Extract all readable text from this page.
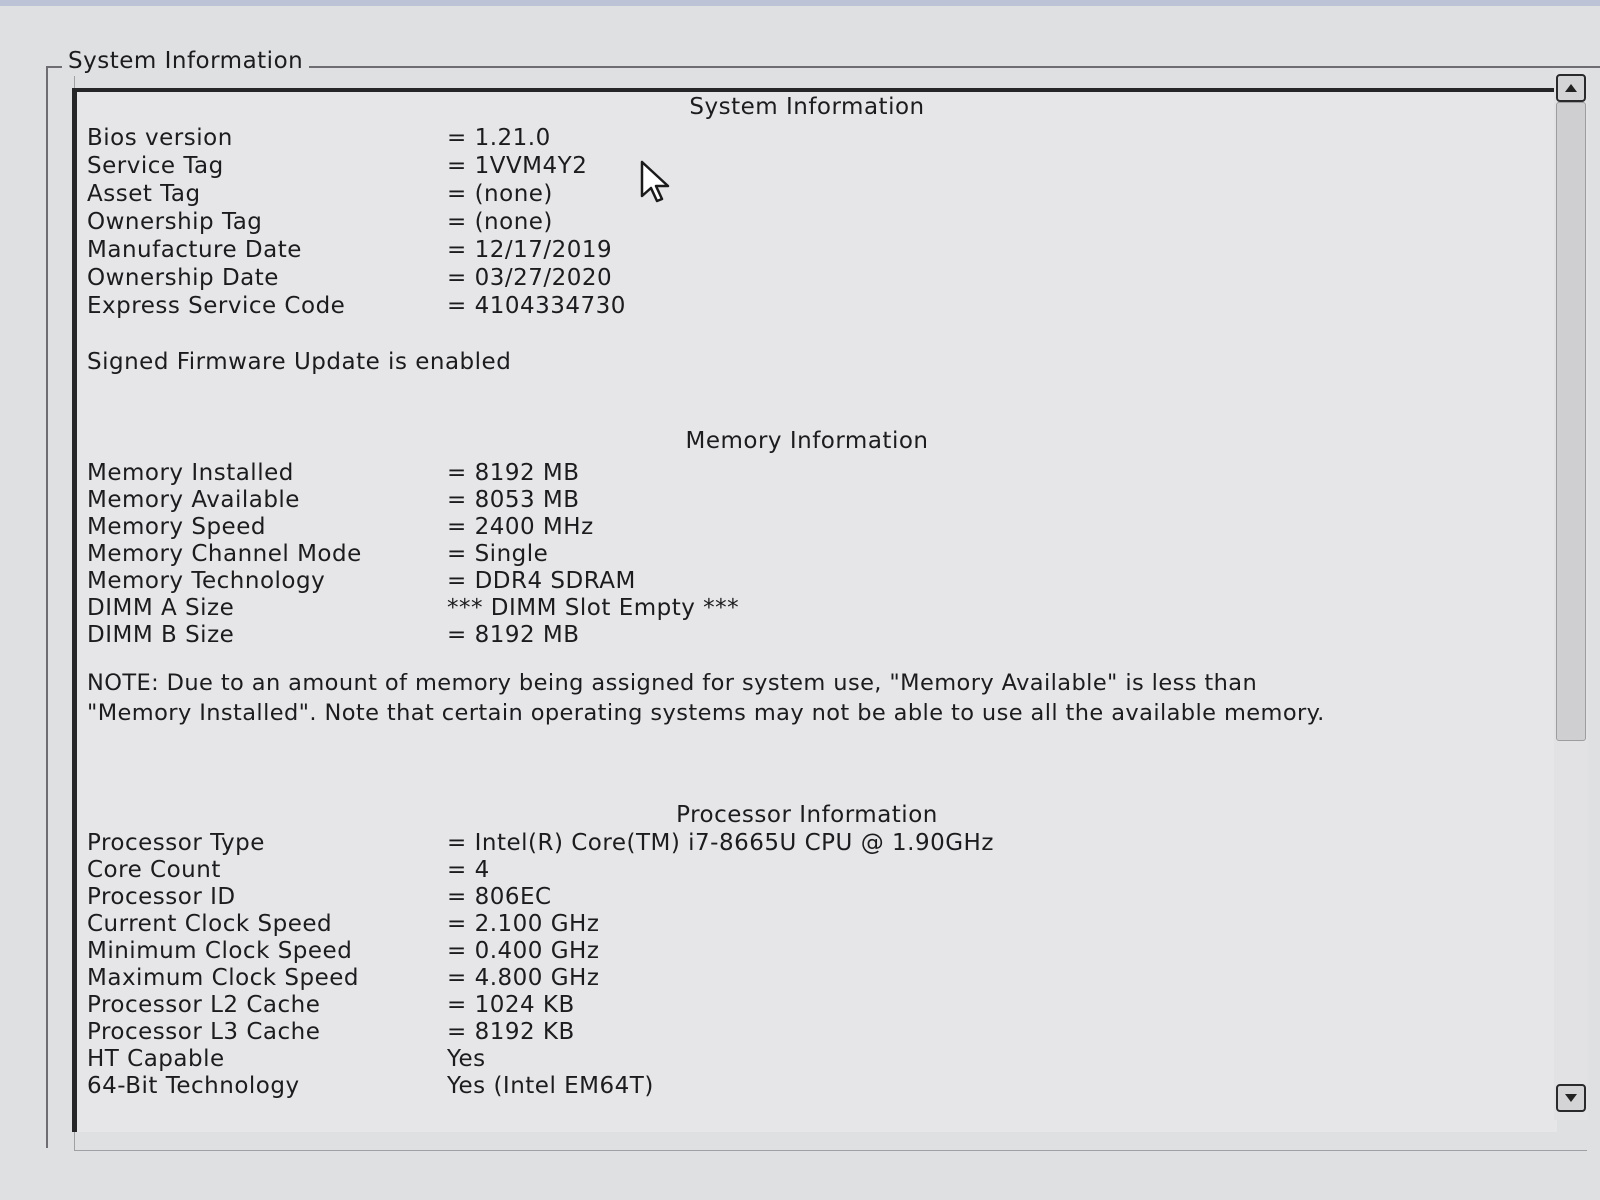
System Information
System Information
Bios version	= 1.21.0
Service Tag	= 1VVM4Y2
Asset Tag	= (none)
Ownership Tag	= (none)
Manufacture Date	= 12/17/2019
Ownership Date	= 03/27/2020
Express Service Code	= 4104334730
Signed Firmware Update is enabled
Memory Information
Memory Installed	= 8192 MB
Memory Available	= 8053 MB
Memory Speed	= 2400 MHz
Memory Channel Mode	= Single
Memory Technology	= DDR4 SDRAM
DIMM A Size	*** DIMM Slot Empty ***
DIMM B Size	= 8192 MB
NOTE: Due to an amount of memory being assigned for system use, "Memory Available" is less than "Memory Installed". Note that certain operating systems may not be able to use all the available memory.
Processor Information
Processor Type	= Intel(R) Core(TM) i7-8665U CPU @ 1.90GHz
Core Count	= 4
Processor ID	= 806EC
Current Clock Speed	= 2.100 GHz
Minimum Clock Speed	= 0.400 GHz
Maximum Clock Speed	= 4.800 GHz
Processor L2 Cache	= 1024 KB
Processor L3 Cache	= 8192 KB
HT Capable	Yes
64-Bit Technology	Yes (Intel EM64T)
